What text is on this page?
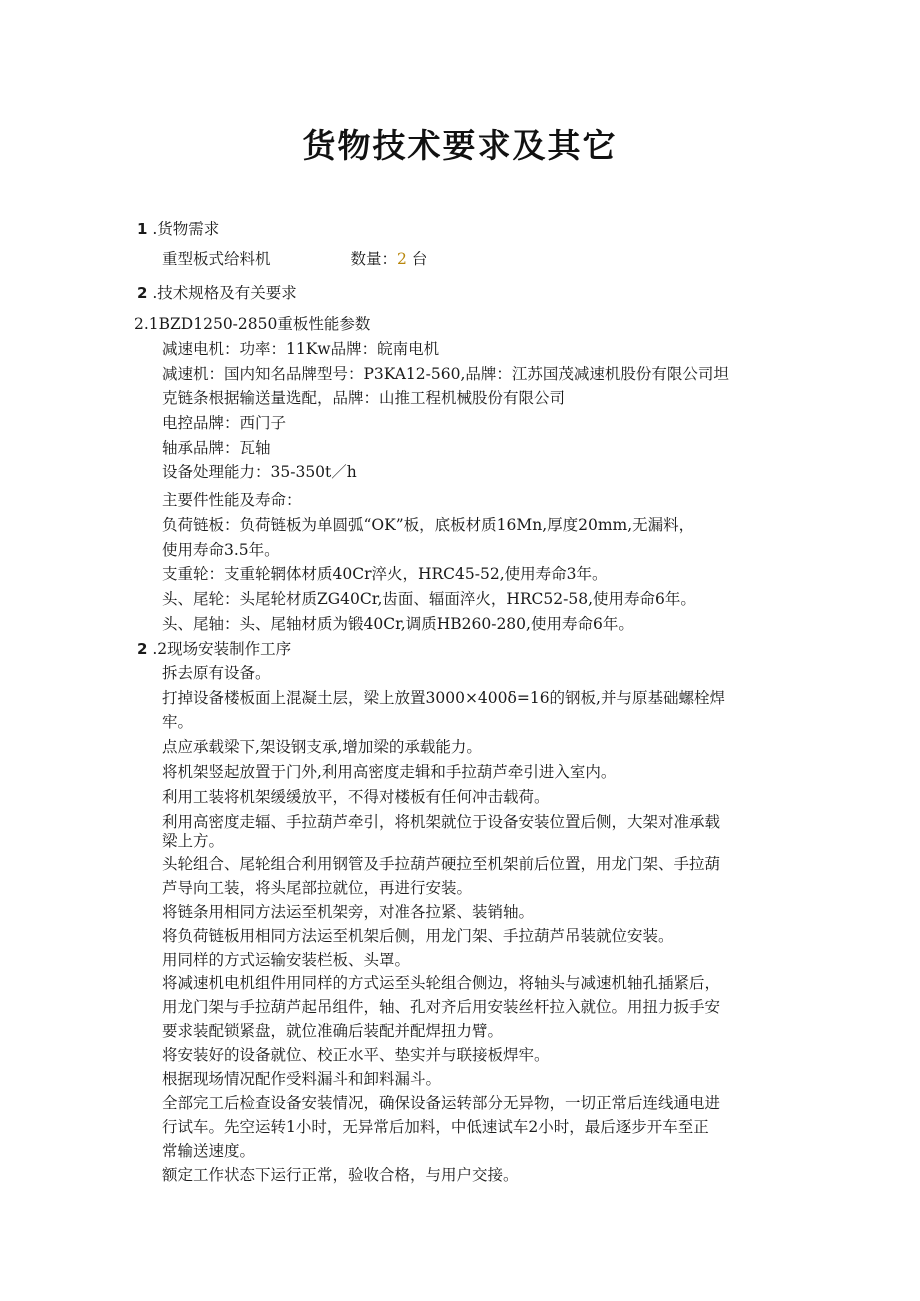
货物技术要求及其它
1 .货物需求
重型板式给料机	数量：2 台
2 .技术规格及有关要求
2.1BZD1250-2850重板性能参数
减速电机：功率：11Kw品牌：皖南电机
减速机：国内知名品牌型号：P3KA12-560,品牌：江苏国茂减速机股份有限公司坦
克链条根据输送量选配，品牌：山推工程机械股份有限公司
电控品牌：西门子
轴承品牌：瓦轴
设备处理能力：35-350t／h
主要件性能及寿命：
负荷链板：负荷链板为单圆弧“OK”板，底板材质16Mn,厚度20mm,无漏料，
使用寿命3.5年。
支重轮：支重轮辋体材质40Cr淬火，HRC45-52,使用寿命3年。
头、尾轮：头尾轮材质ZG40Cr,齿面、辐面淬火，HRC52-58,使用寿命6年。
头、尾轴：头、尾轴材质为锻40Cr,调质HB260-280,使用寿命6年。
2 .2现场安装制作工序
拆去原有设备。
打掉设备楼板面上混凝土层，梁上放置3000×400δ=16的钢板,并与原基础螺栓焊
牢。
点应承载梁下,架设钢支承,增加梁的承载能力。
将机架竖起放置于门外,利用高密度走辑和手拉葫芦牵引进入室内。
利用工装将机架缓缓放平，不得对楼板有任何冲击载荷。
利用高密度走辐、手拉葫芦牵引，将机架就位于设备安装位置后侧，大架对准承载
梁上方。
头轮组合、尾轮组合利用钢管及手拉葫芦硬拉至机架前后位置，用龙门架、手拉葫
芦导向工装，将头尾部拉就位，再进行安装。
将链条用相同方法运至机架旁，对准各拉紧、装销轴。
将负荷链板用相同方法运至机架后侧，用龙门架、手拉葫芦吊装就位安装。
用同样的方式运输安装栏板、头罩。
将减速机电机组件用同样的方式运至头轮组合侧边，将轴头与减速机轴孔插紧后，
用龙门架与手拉葫芦起吊组件，轴、孔对齐后用安装丝杆拉入就位。用扭力扳手安
要求装配锁紧盘，就位准确后装配并配焊扭力臂。
将安装好的设备就位、校正水平、垫实并与联接板焊牢。
根据现场情况配作受料漏斗和卸料漏斗。
全部完工后检查设备安装情况，确保设备运转部分无异物，一切正常后连线通电进
行试车。先空运转1小时，无异常后加料，中低速试车2小时，最后逐步开车至正
常输送速度。
额定工作状态下运行正常，验收合格，与用户交接。
